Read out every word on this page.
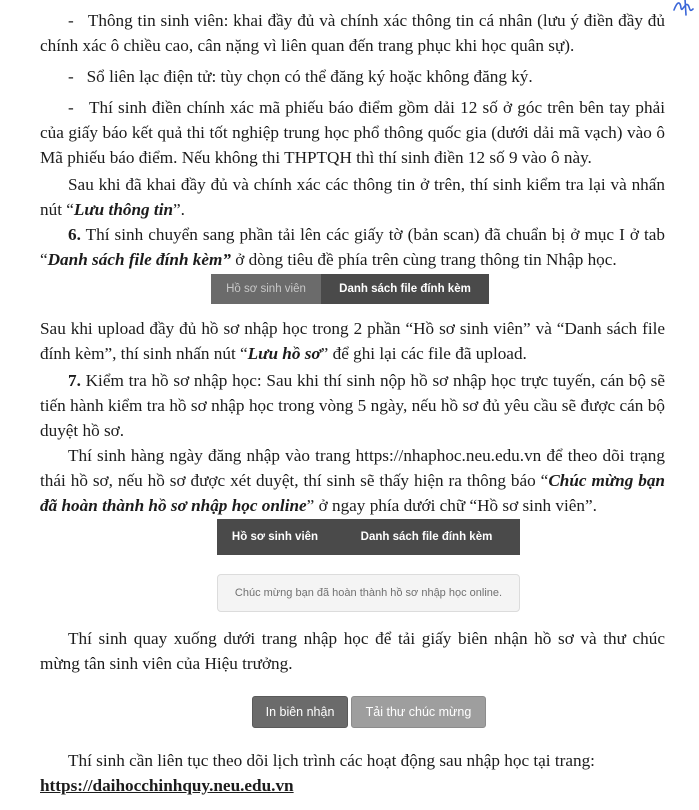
-   Thông tin sinh viên: khai đầy đủ và chính xác thông tin cá nhân (lưu ý điền đầy đủ chính xác ô chiều cao, cân nặng vì liên quan đến trang phục khi học quân sự).

-   Sổ liên lạc điện tử: tùy chọn có thể đăng ký hoặc không đăng ký.

-   Thí sinh điền chính xác mã phiếu báo điểm gồm dải 12 số ở góc trên bên tay phải của giấy báo kết quả thi tốt nghiệp trung học phổ thông quốc gia (dưới dải mã vạch) vào ô Mã phiếu báo điểm. Nếu không thi THPTQH thì thí sinh điền 12 số 9 vào ô này.

Sau khi đã khai đầy đủ và chính xác các thông tin ở trên, thí sinh kiểm tra lại và nhấn nút “Lưu thông tin”.

6. Thí sinh chuyển sang phần tải lên các giấy tờ (bản scan) đã chuẩn bị ở mục I ở tab “Danh sách file đính kèm” ở dòng tiêu đề phía trên cùng trang thông tin Nhập học.

Hồ sơ sinh viên	Danh sách file đính kèm

Sau khi upload đầy đủ hồ sơ nhập học trong 2 phần “Hồ sơ sinh viên” và “Danh sách file đính kèm”, thí sinh nhấn nút “Lưu hồ sơ” để ghi lại các file đã upload.

7. Kiểm tra hồ sơ nhập học: Sau khi thí sinh nộp hồ sơ nhập học trực tuyến, cán bộ sẽ tiến hành kiểm tra hồ sơ nhập học trong vòng 5 ngày, nếu hồ sơ đủ yêu cầu sẽ được cán bộ duyệt hồ sơ.

Thí sinh hàng ngày đăng nhập vào trang https://nhaphoc.neu.edu.vn để theo dõi trạng thái hồ sơ, nếu hồ sơ được xét duyệt, thí sinh sẽ thấy hiện ra thông báo “Chúc mừng bạn đã hoàn thành hồ sơ nhập học online” ở ngay phía dưới chữ “Hồ sơ sinh viên”.

Hồ sơ sinh viên	Danh sách file đính kèm
Chúc mừng bạn đã hoàn thành hồ sơ nhập học online.

Thí sinh quay xuống dưới trang nhập học để tải giấy biên nhận hồ sơ và thư chúc mừng tân sinh viên của Hiệu trưởng.

In biên nhận	Tải thư chúc mừng

Thí sinh cần liên tục theo dõi lịch trình các hoạt động sau nhập học tại trang:
https://daihocchinhquy.neu.edu.vn
